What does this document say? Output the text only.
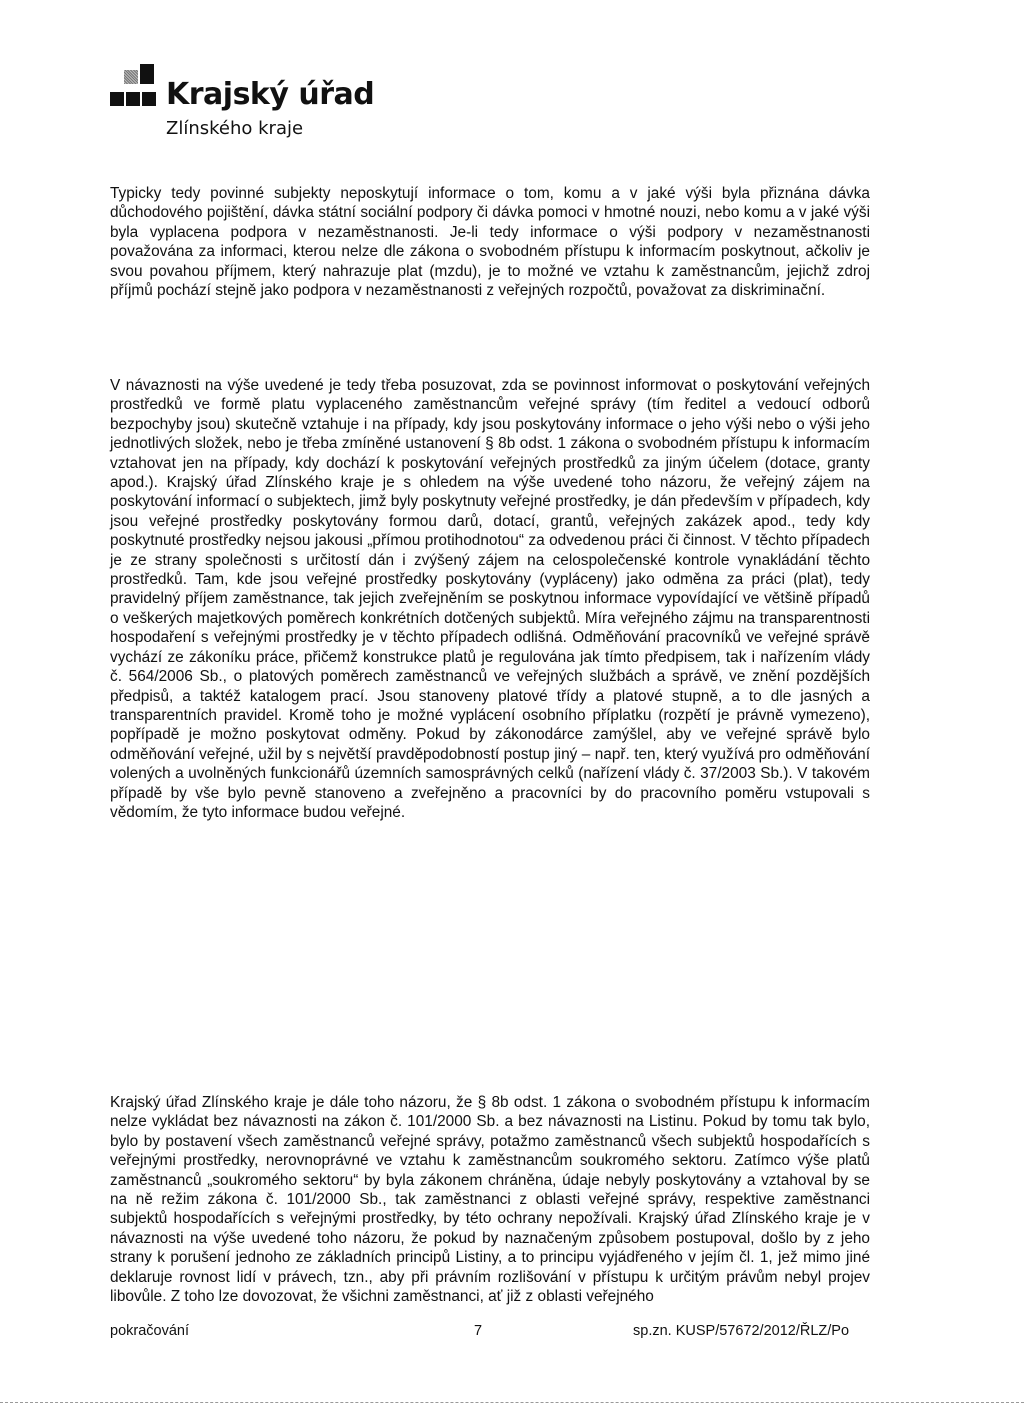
Krajský úřad
Zlínského kraje

Typicky tedy povinné subjekty neposkytují informace o tom, komu a v jaké výši byla přiznána dávka důchodového pojištění, dávka státní sociální podpory či dávka pomoci v hmotné nouzi, nebo komu a v jaké výši byla vyplacena podpora v nezaměstnanosti. Je-li tedy informace o výši podpory v nezaměstnanosti považována za informaci, kterou nelze dle zákona o svobodném přístupu k informacím poskytnout, ačkoliv je svou povahou příjmem, který nahrazuje plat (mzdu), je to možné ve vztahu k zaměstnancům, jejichž zdroj příjmů pochází stejně jako podpora v nezaměstnanosti z veřejných rozpočtů, považovat za diskriminační.

V návaznosti na výše uvedené je tedy třeba posuzovat, zda se povinnost informovat o poskytování veřejných prostředků ve formě platu vyplaceného zaměstnancům veřejné správy (tím ředitel a vedoucí odborů bezpochyby jsou) skutečně vztahuje i na případy, kdy jsou poskytovány informace o jeho výši nebo o výši jeho jednotlivých složek, nebo je třeba zmíněné ustanovení § 8b odst. 1 zákona o svobodném přístupu k informacím vztahovat jen na případy, kdy dochází k poskytování veřejných prostředků za jiným účelem (dotace, granty apod.). Krajský úřad Zlínského kraje je s ohledem na výše uvedené toho názoru, že veřejný zájem na poskytování informací o subjektech, jimž byly poskytnuty veřejné prostředky, je dán především v případech, kdy jsou veřejné prostředky poskytovány formou darů, dotací, grantů, veřejných zakázek apod., tedy kdy poskytnuté prostředky nejsou jakousi „přímou protihodnotou“ za odvedenou práci či činnost. V těchto případech je ze strany společnosti s určitostí dán i zvýšený zájem na celospolečenské kontrole vynakládání těchto prostředků. Tam, kde jsou veřejné prostředky poskytovány (vypláceny) jako odměna za práci (plat), tedy pravidelný příjem zaměstnance, tak jejich zveřejněním se poskytnou informace vypovídající ve většině případů o veškerých majetkových poměrech konkrétních dotčených subjektů. Míra veřejného zájmu na transparentnosti hospodaření s veřejnými prostředky je v těchto případech odlišná. Odměňování pracovníků ve veřejné správě vychází ze zákoníku práce, přičemž konstrukce platů je regulována jak tímto předpisem, tak i nařízením vlády č. 564/2006 Sb., o platových poměrech zaměstnanců ve veřejných službách a správě, ve znění pozdějších předpisů, a taktéž katalogem prací. Jsou stanoveny platové třídy a platové stupně, a to dle jasných a transparentních pravidel. Kromě toho je možné vyplácení osobního příplatku (rozpětí je právně vymezeno), popřípadě je možno poskytovat odměny. Pokud by zákonodárce zamýšlel, aby ve veřejné správě bylo odměňování veřejné, užil by s největší pravděpodobností postup jiný – např. ten, který využívá pro odměňování volených a uvolněných funkcionářů územních samosprávných celků (nařízení vlády č. 37/2003 Sb.). V takovém případě by vše bylo pevně stanoveno a zveřejněno a pracovníci by do pracovního poměru vstupovali s vědomím, že tyto informace budou veřejné.

Krajský úřad Zlínského kraje je dále toho názoru, že § 8b odst. 1 zákona o svobodném přístupu k informacím nelze vykládat bez návaznosti na zákon č. 101/2000 Sb. a bez návaznosti na Listinu. Pokud by tomu tak bylo, bylo by postavení všech zaměstnanců veřejné správy, potažmo zaměstnanců všech subjektů hospodařících s veřejnými prostředky, nerovnoprávné ve vztahu k zaměstnancům soukromého sektoru. Zatímco výše platů zaměstnanců „soukromého sektoru“ by byla zákonem chráněna, údaje nebyly poskytovány a vztahoval by se na ně režim zákona č. 101/2000 Sb., tak zaměstnanci z oblasti veřejné správy, respektive zaměstnanci subjektů hospodařících s veřejnými prostředky, by této ochrany nepožívali. Krajský úřad Zlínského kraje je v návaznosti na výše uvedené toho názoru, že pokud by naznačeným způsobem postupoval, došlo by z jeho strany k porušení jednoho ze základních principů Listiny, a to principu vyjádřeného v jejím čl. 1, jež mimo jiné deklaruje rovnost lidí v právech, tzn., aby při právním rozlišování v přístupu k určitým právům nebyl projev libovůle. Z toho lze dovozovat, že všichni zaměstnanci, ať již z oblasti veřejného

pokračování	7	sp.zn. KUSP/57672/2012/ŘLZ/Po
